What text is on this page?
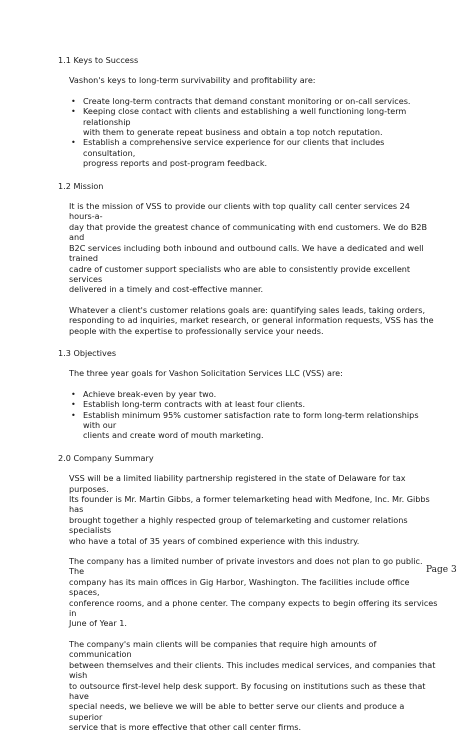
1.1 Keys to Success
Vashon's keys to long-term survivability and profitability are:
• Create long-term contracts that demand constant monitoring or on-call services.
• Keeping close contact with clients and establishing a well functioning long-term relationship
with them to generate repeat business and obtain a top notch reputation.
• Establish a comprehensive service experience for our clients that includes consultation,
progress reports and post-program feedback.
1.2 Mission
It is the mission of VSS to provide our clients with top quality call center services 24 hours-a-
day that provide the greatest chance of communicating with end customers. We do B2B and
B2C services including both inbound and outbound calls. We have a dedicated and well trained
cadre of customer support specialists who are able to consistently provide excellent services
delivered in a timely and cost-effective manner.
Whatever a client's customer relations goals are: quantifying sales leads, taking orders,
responding to ad inquiries, market research, or general information requests, VSS has the
people with the expertise to professionally service your needs.
1.3 Objectives
The three year goals for Vashon Solicitation Services LLC (VSS) are:
• Achieve break-even by year two.
• Establish long-term contracts with at least four clients.
• Establish minimum 95% customer satisfaction rate to form long-term relationships with our
clients and create word of mouth marketing.
2.0 Company Summary
VSS will be a limited liability partnership registered in the state of Delaware for tax purposes.
Its founder is Mr. Martin Gibbs, a former telemarketing head with Medfone, Inc. Mr. Gibbs has
brought together a highly respected group of telemarketing and customer relations specialists
who have a total of 35 years of combined experience with this industry.
The company has a limited number of private investors and does not plan to go public. The
company has its main offices in Gig Harbor, Washington. The facilities include office spaces,
conference rooms, and a phone center. The company expects to begin offering its services in
June of Year 1.
The company's main clients will be companies that require high amounts of communication
between themselves and their clients. This includes medical services, and companies that wish
to outsource first-level help desk support. By focusing on institutions such as these that have
special needs, we believe we will be able to better serve our clients and produce a superior
service that is more effective that other call center firms.
Page 3
